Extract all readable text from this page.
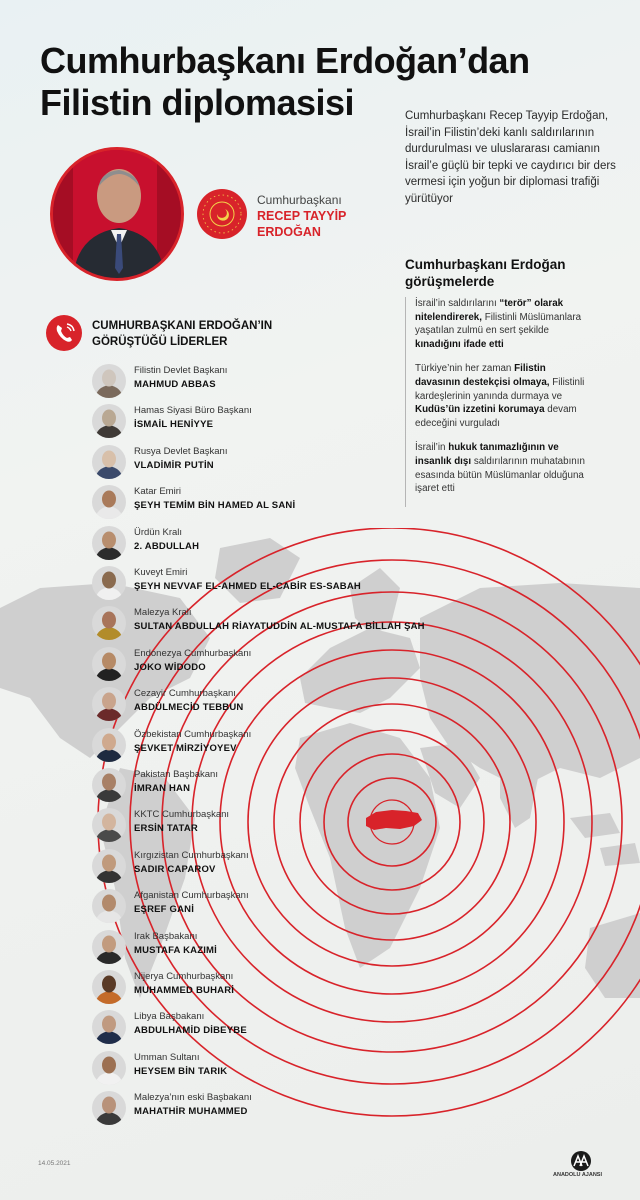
Cumhurbaşkanı Erdoğan’dan
Filistin diplomasisi	Cumhurbaşkanı Recep Tayyip Erdoğan, İsrail’in Filistin’deki kanlı saldırılarının durdurulması ve uluslararası camianın İsrail’e güçlü bir tepki ve caydırıcı bir ders vermesi için yoğun bir diplomasi trafiği yürütüyor
Cumhurbaşkanı
RECEP TAYYİP
ERDOĞAN
Cumhurbaşkanı Erdoğan görüşmelerde

İsrail’in saldırılarını “terör” olarak nitelendirerek, Filistinli Müslümanlara yaşatılan zulmü en sert şekilde kınadığını ifade etti

Türkiye’nin her zaman Filistin davasının destekçisi olmaya, Filistinli kardeşlerinin yanında durmaya ve Kudüs’ün izzetini korumaya devam edeceğini vurguladı

İsrail’in hukuk tanımazlığının ve insanlık dışı saldırılarının muhatabının esasında bütün Müslümanlar olduğuna işaret etti

CUMHURBAŞKANI ERDOĞAN’IN
GÖRÜŞTÜĞÜ LİDERLER
Filistin Devlet Başkanı
MAHMUD ABBAS
Hamas Siyasi Büro Başkanı
İSMAİL HENİYYE
Rusya Devlet Başkanı
VLADİMİR PUTİN
Katar Emiri
ŞEYH TEMİM BİN HAMED AL SANİ
Ürdün Kralı
2. ABDULLAH
Kuveyt Emiri
ŞEYH NEVVAF EL-AHMED EL-CABİR ES-SABAH
Malezya Kralı
SULTAN ABDULLAH RİAYATUDDİN AL-MUSTAFA BİLLAH ŞAH
Endonezya Cumhurbaşkanı
JOKO WİDODO
Cezayir Cumhurbaşkanı
ABDÜLMECİD TEBBUN
Özbekistan Cumhurbaşkanı
ŞEVKET MİRZİYOYEV
Pakistan Başbakanı
İMRAN HAN
KKTC Cumhurbaşkanı
ERSİN TATAR
Kırgızistan Cumhurbaşkanı
SADIR CAPAROV
Afganistan Cumhurbaşkanı
EŞREF GANİ
Irak Başbakanı
MUSTAFA KAZIMİ
Nijerya Cumhurbaşkanı
MUHAMMED BUHARİ
Libya Başbakanı
ABDULHAMİD DİBEYBE
Umman Sultanı
HEYSEM BİN TARIK
Malezya’nın eski Başbakanı
MAHATHİR MUHAMMED
14.05.2021
ANADOLU AJANSI
